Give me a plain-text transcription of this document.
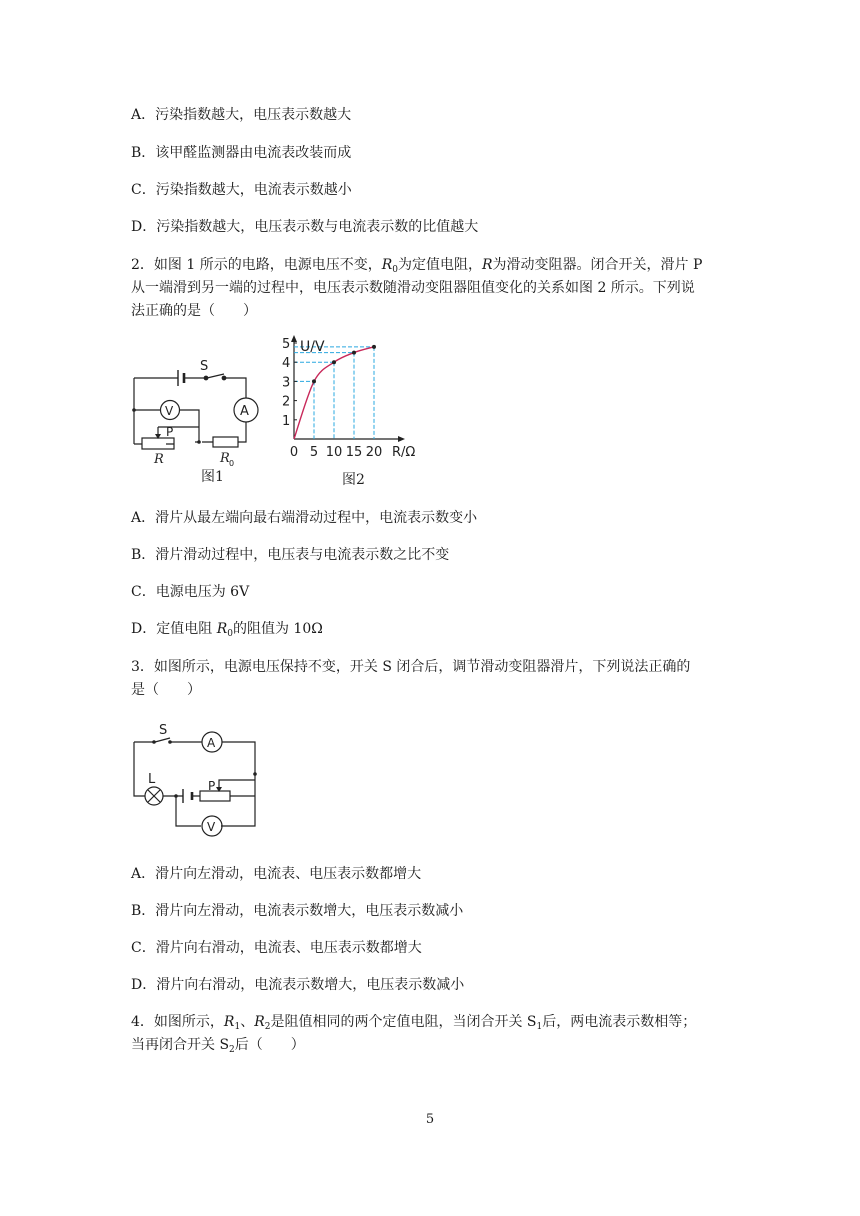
A．污染指数越大，电压表示数越大
B．该甲醛监测器由电流表改装而成
C．污染指数越大，电流表示数越小
D．污染指数越大，电压表示数与电流表示数的比值越大
2．如图 1 所示的电路，电源电压不变，$R_0$为定值电阻，R为滑动变阻器。闭合开关，滑片 P
从一端滑到另一端的过程中，电压表示数随滑动变阻器阻值变化的关系如图 2 所示。下列说
法正确的是（　　）
S
V	A
P
R	R 0
图1
0 5 10 15 20
1
2
3
4
5 U/V
R/Ω
图2
A．滑片从最左端向最右端滑动过程中，电流表示数变小
B．滑片滑动过程中，电压表与电流表示数之比不变
C．电源电压为 6V
D．定值电阻 $R_0$的阻值为 10Ω
3．如图所示，电源电压保持不变，开关 S 闭合后，调节滑动变阻器滑片，下列说法正确的
是（　　）
S
A
L	P
V
A．滑片向左滑动，电流表、电压表示数都增大
B．滑片向左滑动，电流表示数增大，电压表示数减小
C．滑片向右滑动，电流表、电压表示数都增大
D．滑片向右滑动，电流表示数增大，电压表示数减小
4．如图所示，$R_1$、$R_2$是阻值相同的两个定值电阻，当闭合开关 $S_1$后，两电流表示数相等；
当再闭合开关 $S_2$后（　　）
5
